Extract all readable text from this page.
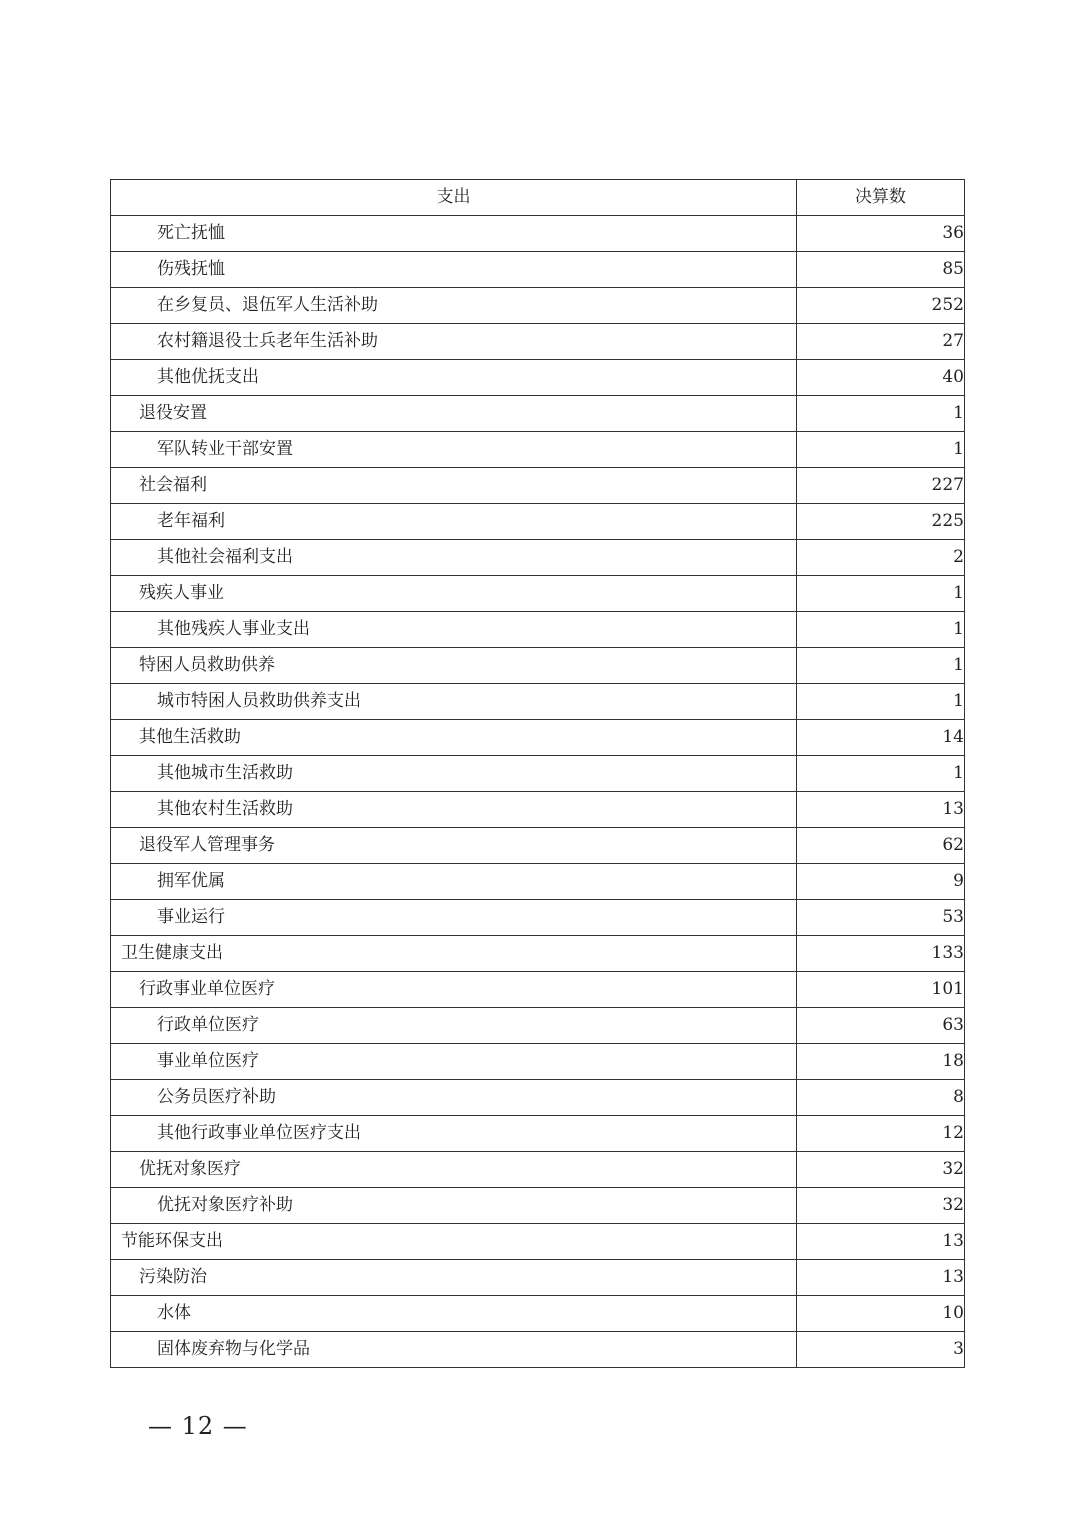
支出	决算数
死亡抚恤	36
伤残抚恤	85
在乡复员、退伍军人生活补助	252
农村籍退役士兵老年生活补助	27
其他优抚支出	40
退役安置	1
军队转业干部安置	1
社会福利	227
老年福利	225
其他社会福利支出	2
残疾人事业	1
其他残疾人事业支出	1
特困人员救助供养	1
城市特困人员救助供养支出	1
其他生活救助	14
其他城市生活救助	1
其他农村生活救助	13
退役军人管理事务	62
拥军优属	9
事业运行	53
卫生健康支出	133
行政事业单位医疗	101
行政单位医疗	63
事业单位医疗	18
公务员医疗补助	8
其他行政事业单位医疗支出	12
优抚对象医疗	32
优抚对象医疗补助	32
节能环保支出	13
污染防治	13
水体	10
固体废弃物与化学品	3
— 12 —
